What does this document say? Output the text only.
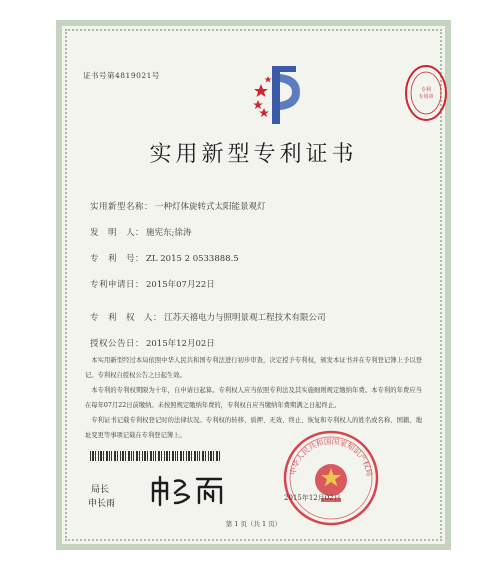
证书号第4819021号
专利
专用章
实用新型专利证书
实用新型名称： 一种灯体旋转式太阳能景观灯
发　明　人： 施宪东;徐涛
专　利　号： ZL 2015 2 0533888.5
专利申请日： 2015年07月22日
专　利　权　人： 江苏天禧电力与照明景观工程技术有限公司
授权公告日： 2015年12月02日

本实用新型经过本局依照中华人民共和国专利法进行初步审查，决定授予专利权，颁发本证书并在专利登记簿上予以登记。专利权自授权公告之日起生效。

本专利的专利权期限为十年，自申请日起算。专利权人应当依照专利法及其实施细则规定缴纳年费。本专利的年费应当在每年07月22日前缴纳。未按照规定缴纳年费的，专利权自应当缴纳年费期满之日起终止。

专利证书记载专利权登记时的法律状况。专利权的转移、质押、无效、终止、恢复和专利权人的姓名或名称、国籍、地址变更等事项记载在专利登记簿上。

局长
申长雨
中华人民共和国国家知识产权局
2015年12月02日
第 1 页（共 1 页）
